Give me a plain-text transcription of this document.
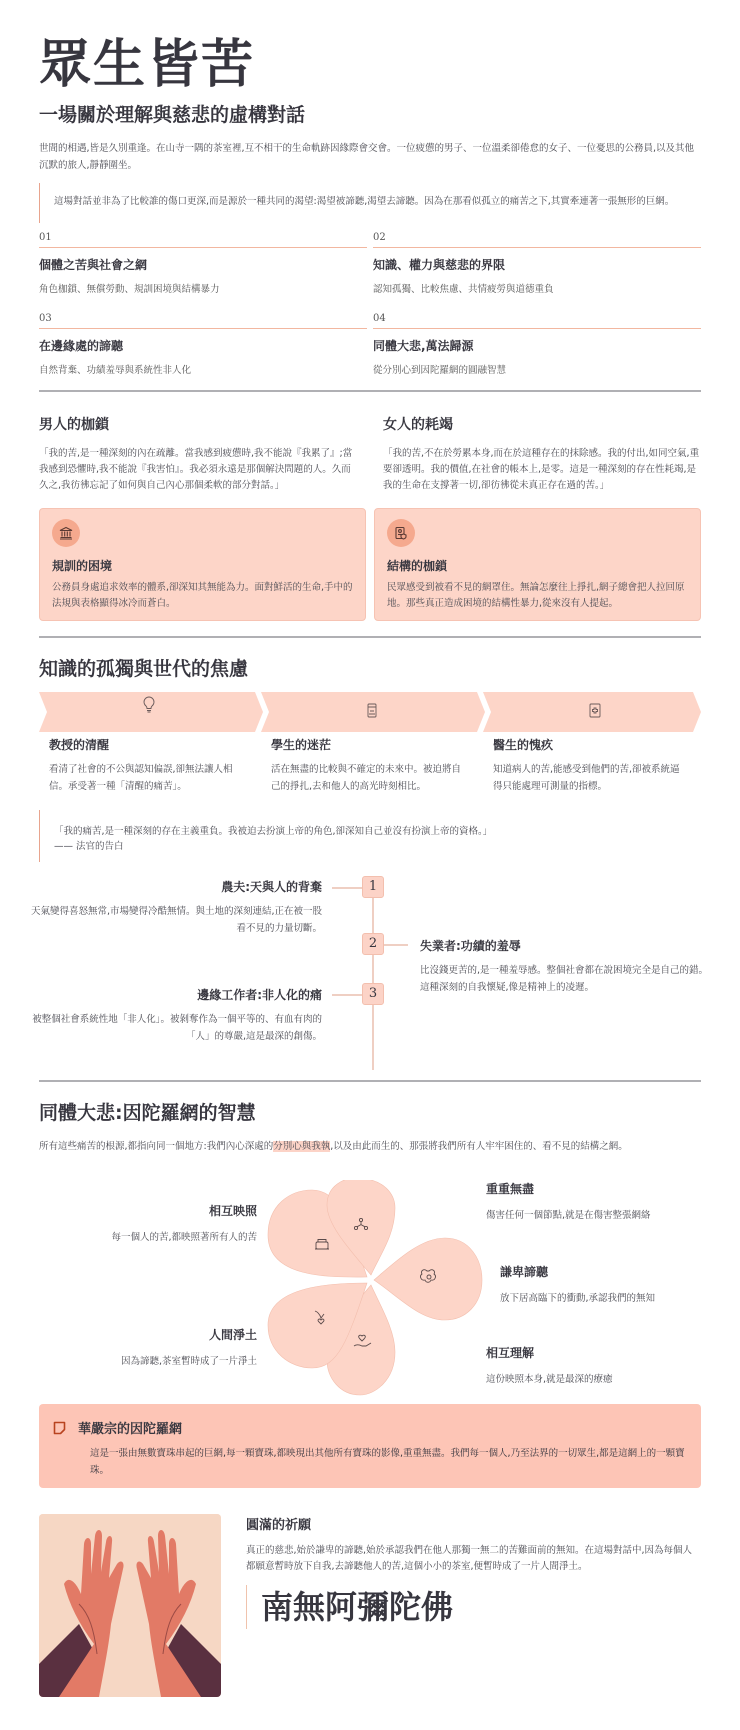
眾生皆苦
一場關於理解與慈悲的虛構對話
世間的相遇,皆是久別重逢。在山寺一隅的茶室裡,互不相干的生命軌跡因緣際會交會。一位疲憊的男子、一位溫柔卻倦怠的女子、一位憂思的公務員,以及其他沉默的旅人,靜靜圍坐。
這場對話並非為了比較誰的傷口更深,而是源於一種共同的渴望:渴望被諦聽,渴望去諦聽。因為在那看似孤立的痛苦之下,其實牽連著一張無形的巨網。
01
個體之苦與社會之網
角色枷鎖、無償勞動、規訓困境與結構暴力
02
知識、權力與慈悲的界限
認知孤獨、比較焦慮、共情疲勞與道德重負
03
在邊緣處的諦聽
自然背棄、功績羞辱與系統性非人化
04
同體大悲,萬法歸源
從分別心到因陀羅網的圓融智慧
男人的枷鎖

「我的苦,是一種深刻的內在疏離。當我感到疲憊時,我不能說『我累了』;當我感到恐懼時,我不能說『我害怕』。我必須永遠是那個解決問題的人。久而久之,我彷彿忘記了如何與自己內心那個柔軟的部分對話。」

女人的耗竭

「我的苦,不在於勞累本身,而在於這種存在的抹除感。我的付出,如同空氣,重要卻透明。我的價值,在社會的帳本上,是零。這是一種深刻的存在性耗竭,是我的生命在支撐著一切,卻彷彿從未真正存在過的苦。」

規訓的困境

公務員身處追求效率的體系,卻深知其無能為力。面對鮮活的生命,手中的法規與表格顯得冰冷而蒼白。

結構的枷鎖

民眾感受到被看不見的網罩住。無論怎麼往上掙扎,網子總會把人拉回原地。那些真正造成困境的結構性暴力,從來沒有人提起。

知識的孤獨與世代的焦慮
教授的清醒

看清了社會的不公與認知偏誤,卻無法讓人相信。承受著一種「清醒的痛苦」。

學生的迷茫

活在無盡的比較與不確定的未來中。被迫將自己的掙扎,去和他人的高光時刻相比。

醫生的愧疚

知道病人的苦,能感受到他們的苦,卻被系統逼得只能處理可測量的指標。

「我的痛苦,是一種深刻的存在主義重負。我被迫去扮演上帝的角色,卻深知自己並沒有扮演上帝的資格。」
—— 法官的告白
1
2
3
農夫:天與人的背棄
天氣變得喜怒無常,市場變得冷酷無情。與土地的深刻連結,正在被一股看不見的力量切斷。
失業者:功績的羞辱
比沒錢更苦的,是一種羞辱感。整個社會都在說困境完全是自己的錯。這種深刻的自我懷疑,像是精神上的凌遲。
邊緣工作者:非人化的痛
被整個社會系統性地「非人化」。被剝奪作為一個平等的、有血有肉的「人」的尊嚴,這是最深的創傷。
同體大悲:因陀羅網的智慧
所有這些痛苦的根源,都指向同一個地方:我們內心深處的分別心與我執,以及由此而生的、那張將我們所有人牢牢困住的、看不見的結構之網。
相互映照
每一個人的苦,都映照著所有人的苦
重重無盡
傷害任何一個節點,就是在傷害整張網絡
謙卑諦聽
放下居高臨下的衝動,承認我們的無知
相互理解
這份映照本身,就是最深的療癒
人間淨土
因為諦聽,茶室暫時成了一片淨土
華嚴宗的因陀羅網
這是一張由無數寶珠串起的巨網,每一顆寶珠,都映現出其他所有寶珠的影像,重重無盡。我們每一個人,乃至法界的一切眾生,都是這網上的一顆寶珠。
圓滿的祈願

真正的慈悲,始於謙卑的諦聽,始於承認我們在他人那獨一無二的苦難面前的無知。在這場對話中,因為每個人都願意暫時放下自我,去諦聽他人的苦,這個小小的茶室,便暫時成了一片人間淨土。

南無阿彌陀佛
